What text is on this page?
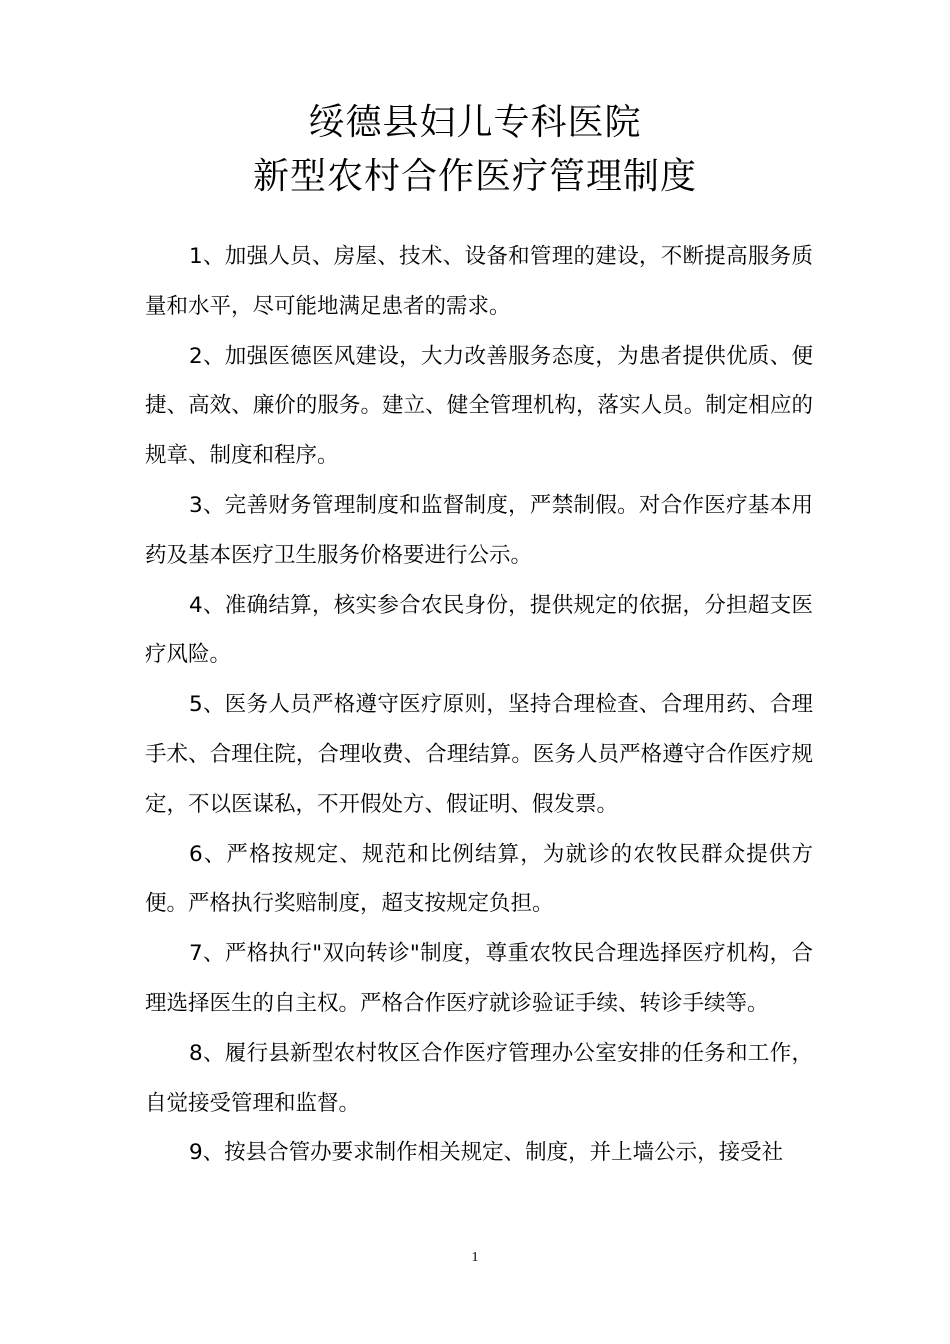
绥德县妇儿专科医院
新型农村合作医疗管理制度

1、加强人员、房屋、技术、设备和管理的建设，不断提高服务质量和水平，尽可能地满足患者的需求。

2、加强医德医风建设，大力改善服务态度，为患者提供优质、便捷、高效、廉价的服务。建立、健全管理机构，落实人员。制定相应的规章、制度和程序。

3、完善财务管理制度和监督制度，严禁制假。对合作医疗基本用药及基本医疗卫生服务价格要进行公示。

4、准确结算，核实参合农民身份，提供规定的依据，分担超支医疗风险。

5、医务人员严格遵守医疗原则，坚持合理检查、合理用药、合理手术、合理住院，合理收费、合理结算。医务人员严格遵守合作医疗规定，不以医谋私，不开假处方、假证明、假发票。

6、严格按规定、规范和比例结算，为就诊的农牧民群众提供方便。严格执行奖赔制度，超支按规定负担。

7、严格执行"双向转诊"制度，尊重农牧民合理选择医疗机构，合理选择医生的自主权。严格合作医疗就诊验证手续、转诊手续等。

8、履行县新型农村牧区合作医疗管理办公室安排的任务和工作，自觉接受管理和监督。

9、按县合管办要求制作相关规定、制度，并上墙公示，接受社

1
